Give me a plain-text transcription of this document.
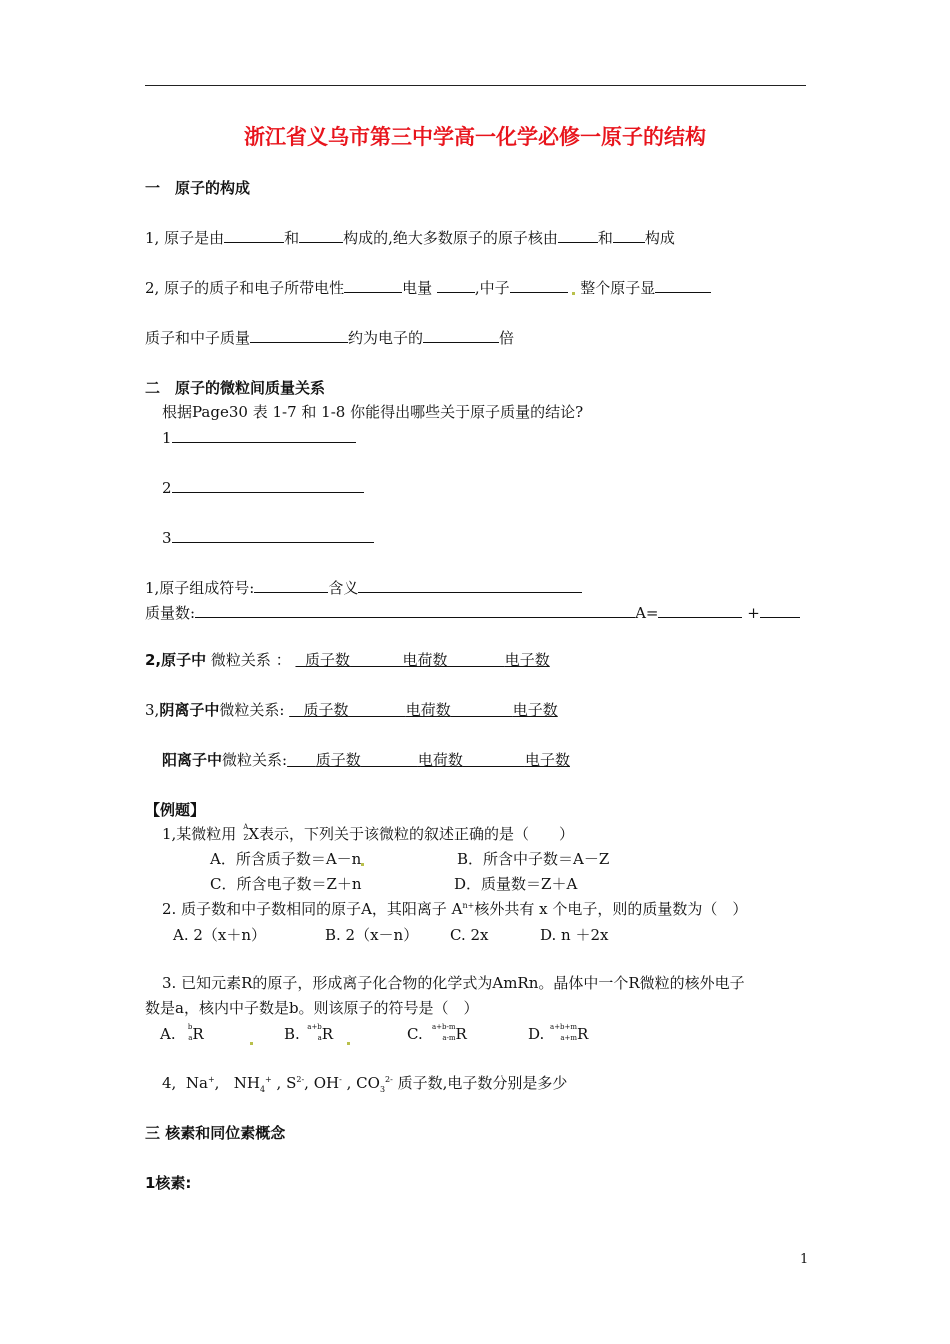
浙江省义乌市第三中学高一化学必修一原子的结构
一　原子的构成
1, 原子是由	和	构成的,绝大多数原子的原子核由	和 构成
2, 原子的质子和电子所带电性	电量	,中子	整个原子显
质子和中子质量	约为电子的	倍
二　原子的微粒间质量关系
根据Page30 表 1-7 和 1-8 你能得出哪些关于原子质量的结论?
1
2
3
1,原子组成符号:	含义
质量数:	A=	+
2,原子中 微粒关系 ： 质子数	电荷数	电子数
3,阴离子中微粒关系: 质子数	电荷数	电子数
阳离子中微粒关系: 质子数	电荷数	电子数
【例题】
1,某微粒用 A
Z X表示，下列关于该微粒的叙述正确的是（　　）
A．所含质子数＝A－n	B．所含中子数＝A－Z
C．所含电子数＝Z＋n	D．质量数＝Z＋A
2. 质子数和中子数相同的原子A，其阳离子 $A^{n+}$核外共有 x 个电子，则的质量数为（　）
A. 2（x＋n）	B. 2（x－n） C. 2x	D. n ＋2x
3. 已知元素R的原子，形成离子化合物的化学式为AmRn。晶体中一个R微粒的核外电子
数是a，核内中子数是b。则该原子的符号是（　）
A. b
a R	B. a+b
a R	C. a+b-m
a-m R	D. a+b+m
a+m R
4, Na+, $NH_4^+$ , $S^{2-}$, OH- , $CO_3^{2-}$ 质子数,电子数分别是多少
三 核素和同位素概念
1核素:
1
